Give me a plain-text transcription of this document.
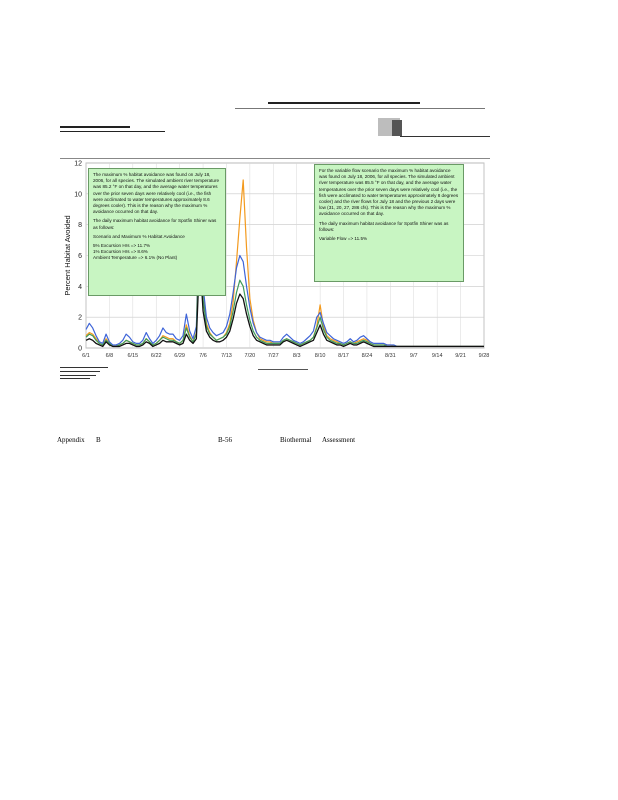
0
2
4
6
8
10
12
6/1	6/8	6/15 6/22 6/29	7/6	7/13 7/20 7/27	8/3	8/10 8/17 8/24 8/31	9/7	9/14 9/21 9/28
Percent Habitat Avoided

The maximum % habitat avoidance was found on July 18, 2006, for all species. The simulated ambient river temperature was 85.2 °F on that day, and the average water temperatures over the prior seven days were relatively cool (i.e., the fish were acclimated to water temperatures approximately 8.6 degrees cooler). This is the reason why the maximum % avoidance occurred on that day.

The daily maximum habitat avoidance for Spotfin Shiner was as follows:

Scenario and Maximum % Habitat Avoidance

5% Excursion Hrs => 11.7%
1% Excursion Hrs => 8.6%
Ambient Temperature => 6.1% (No Plant)

For the variable flow scenario the maximum % habitat avoidance was found on July 18, 2006, for all species. The simulated ambient river temperature was 85.5 °F on that day, and the average water temperatures over the prior seven days were relatively cool (i.e., the fish were acclimated to water temperatures approximately 8 degrees cooler) and the river flows for July 18 and the previous 2 days were low (31, 20, 27, 286 cfs). This is the reason why the maximum % avoidance occurred on that day.

The daily maximum habitat avoidance for Spotfin Shiner was as follows:

Variable Flow => 11.5%

Appendix B	B-56	Biothermal Assessment
